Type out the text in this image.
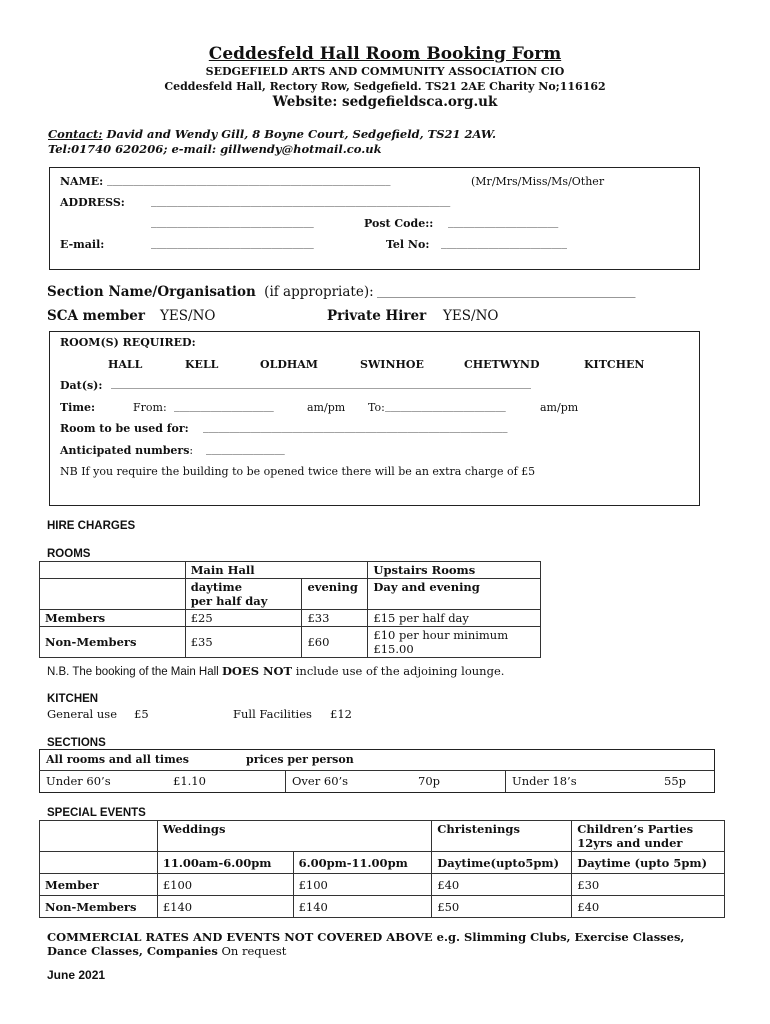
Ceddesfeld Hall Room Booking Form
SEDGEFIELD ARTS AND COMMUNITY ASSOCIATION CIO
Ceddesfeld Hall, Rectory Row, Sedgefield. TS21 2AE Charity No;116162
Website: sedgefieldsca.org.uk
Contact: David and Wendy Gill, 8 Boyne Court, Sedgefield, TS21 2AW.
Tel:01740 620206; e-mail: gillwendy@hotmail.co.uk
NAME: ______________________________________________________	(Mr/Mrs/Miss/Ms/Other
ADDRESS: _________________________________________________________
_______________________________	Post Code:: _____________________
E-mail:	_______________________________	Tel No: ________________________
Section Name/Organisation (if appropriate): _______________________________________________
SCA member YES/NO	Private Hirer YES/NO
ROOM(S) REQUIRED:
HALL	KELL	OLDHAM	SWINHOE	CHETWYND	KITCHEN
Dat(s): ____________________________________________________________________________________
Time:	From: ___________________	am/pm To: _______________________	am/pm
Room to be used for: __________________________________________________________
Anticipated numbers: _______________
NB If you require the building to be opened twice there will be an extra charge of £5
HIRE CHARGES
ROOMS
	Main Hall		Upstairs Rooms
	daytime
per half day	evening	Day and evening
Members	£25	£33	£15 per half day
Non-Members	£35	£60	£10 per hour minimum
£15.00
N.B. The booking of the Main Hall DOES NOT include use of the adjoining lounge.
KITCHEN
General use £5	Full Facilities £12
SECTIONS
All rooms and all times	prices per person
Under 60’s	£1.10	Over 60’s	70p	Under 18’s	55p
SPECIAL EVENTS
	Weddings		Christenings	Children’s Parties
12yrs and under
	11.00am-6.00pm	6.00pm-11.00pm	Daytime(upto5pm)	Daytime (upto 5pm)
Member	£100	£100	£40	£30
Non-Members	£140	£140	£50	£40
COMMERCIAL RATES AND EVENTS NOT COVERED ABOVE e.g. Slimming Clubs, Exercise Classes,
Dance Classes, Companies On request
June 2021
